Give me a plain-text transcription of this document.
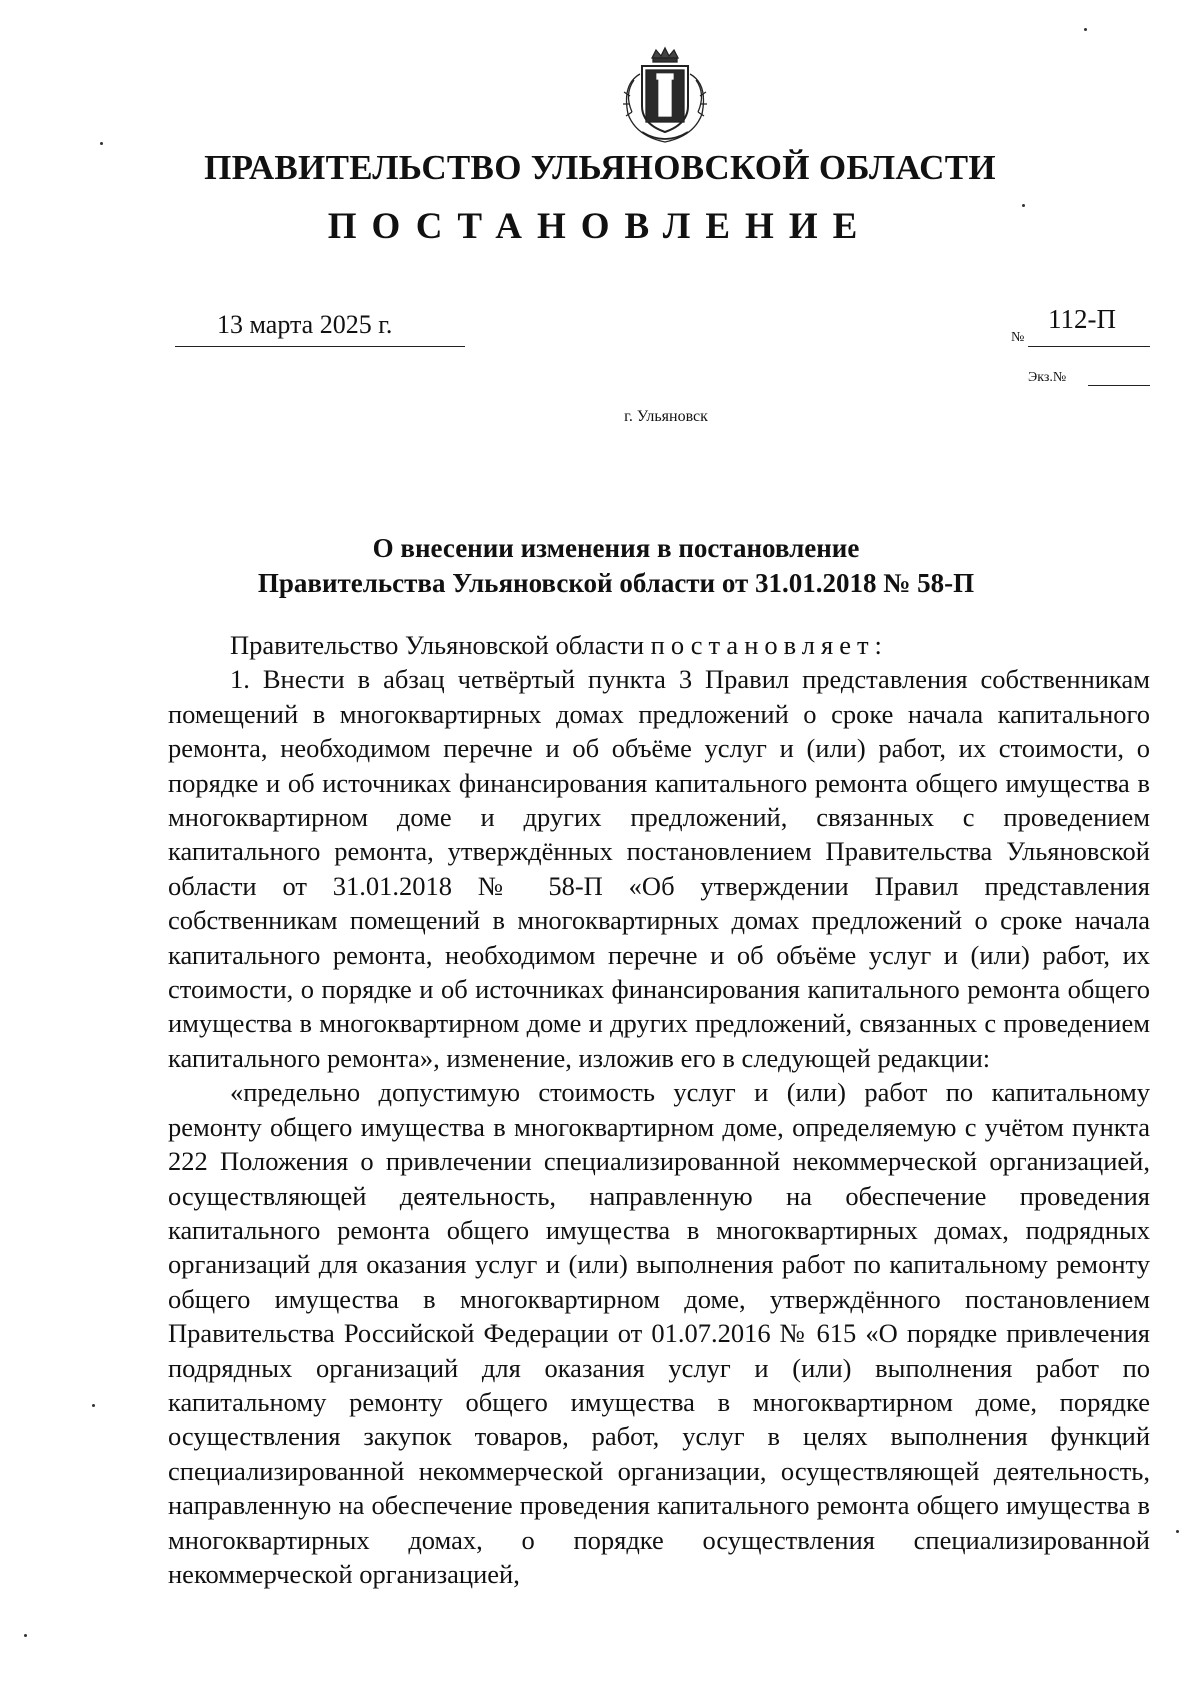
ПРАВИТЕЛЬСТВО УЛЬЯНОВСКОЙ ОБЛАСТИ
ПОСТАНОВЛЕНИЕ
13 марта 2025 г.	№
112-П
Экз.№
г. Ульяновск
О внесении изменения в постановление
Правительства Ульяновской области от 31.01.2018 № 58-П

Правительство Ульяновской области постановляет:

1. Внести в абзац четвёртый пункта 3 Правил представления собственникам помещений в многоквартирных домах предложений о сроке начала капитального ремонта, необходимом перечне и об объёме услуг и (или) работ, их стоимости, о порядке и об источниках финансирования капитального ремонта общего имущества в многоквартирном доме и других предложений, связанных с проведением капитального ремонта, утверждённых постановлением Правительства Ульяновской области от 31.01.2018 № 58-П «Об утверждении Правил представления собственникам помещений в многоквартирных домах предложений о сроке начала капитального ремонта, необходимом перечне и об объёме услуг и (или) работ, их стоимости, о порядке и об источниках финансирования капитального ремонта общего имущества в многоквартирном доме и других предложений, связанных с проведением капитального ремонта», изменение, изложив его в следующей редакции:

«предельно допустимую стоимость услуг и (или) работ по капитальному ремонту общего имущества в многоквартирном доме, определяемую с учётом пункта 222 Положения о привлечении специализированной некоммерческой организацией, осуществляющей деятельность, направленную на обеспечение проведения капитального ремонта общего имущества в многоквартирных домах, подрядных организаций для оказания услуг и (или) выполнения работ по капитальному ремонту общего имущества в многоквартирном доме, утверждённого постановлением Правительства Российской Федерации от 01.07.2016 № 615 «О порядке привлечения подрядных организаций для оказания услуг и (или) выполнения работ по капитальному ремонту общего имущества в многоквартирном доме, порядке осуществления закупок товаров, работ, услуг в целях выполнения функций специализированной некоммерческой организации, осуществляющей деятельность, направленную на обеспечение проведения капитального ремонта общего имущества в многоквартирных домах, о порядке осуществления специализированной некоммерческой организацией,
